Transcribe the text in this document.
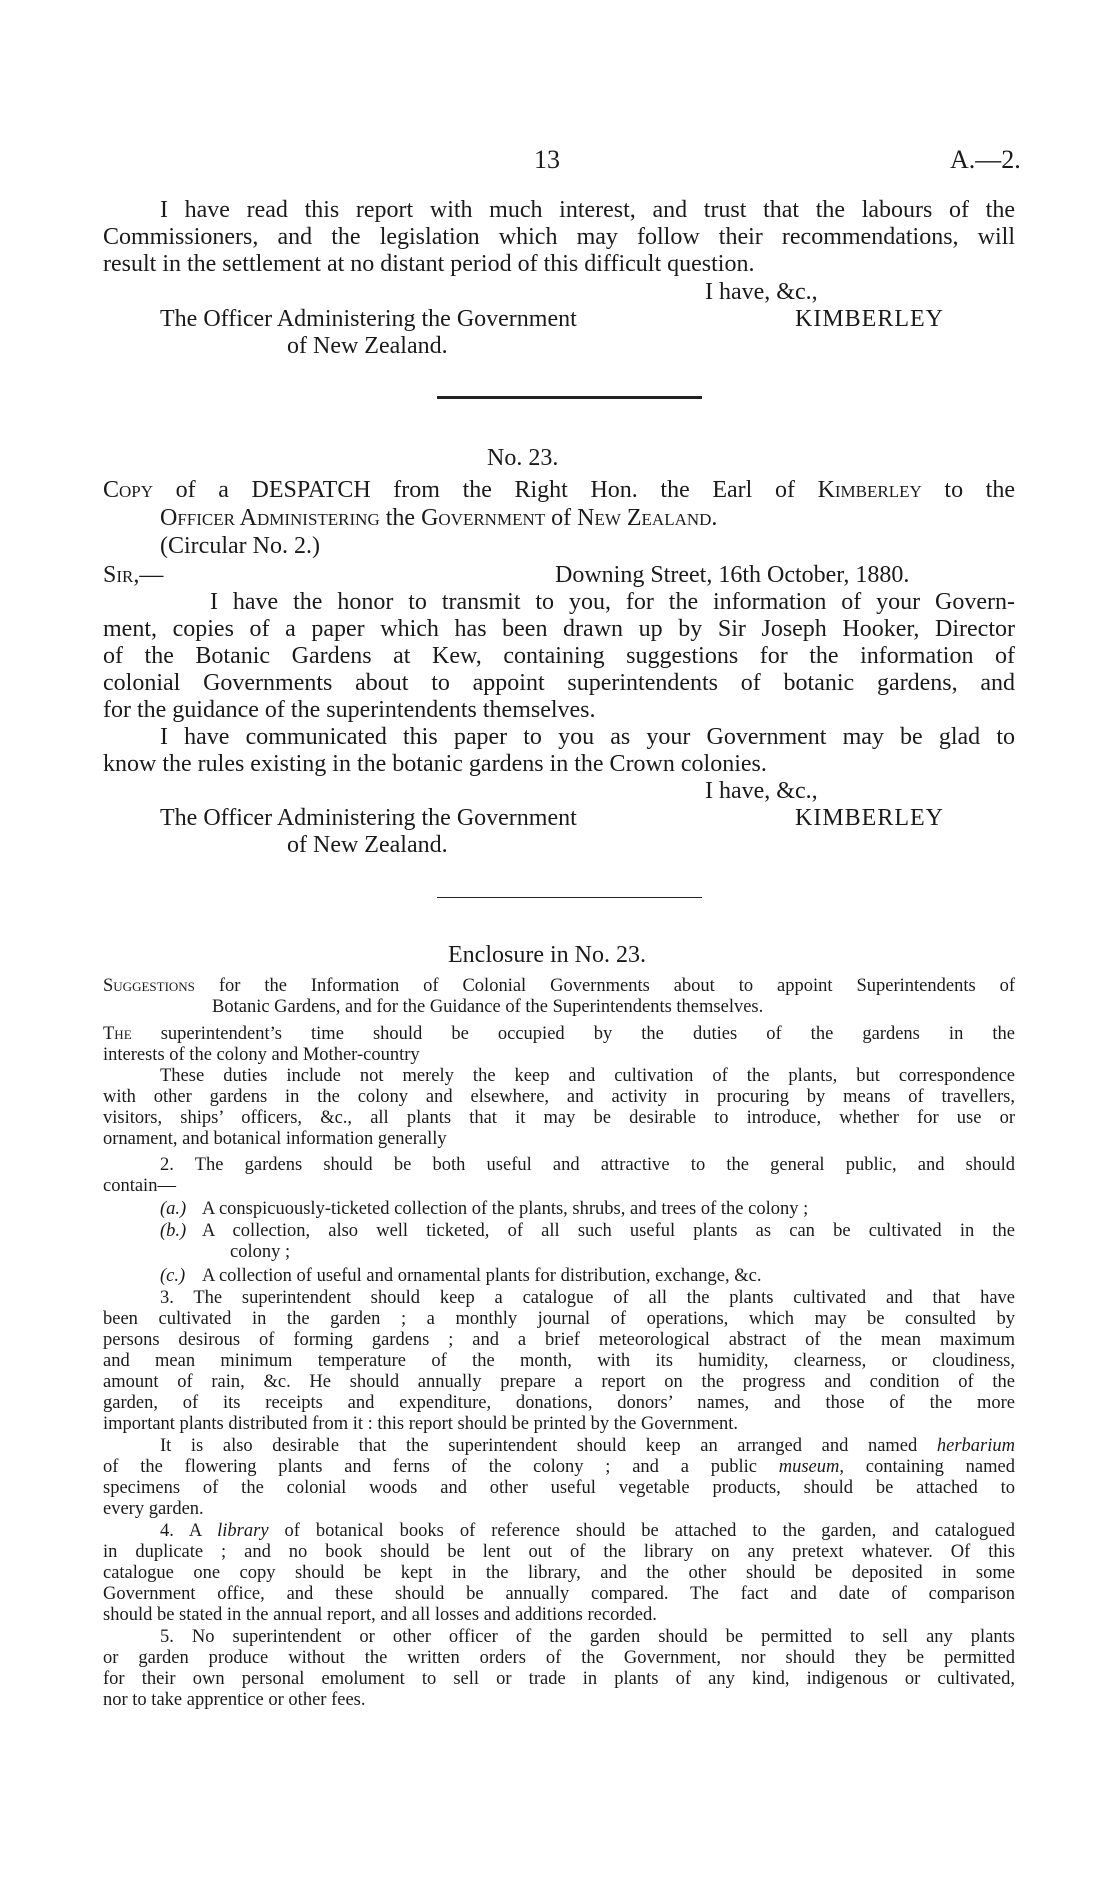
13	A.—2.
I have read this report with much interest, and trust that the labours of the
Commissioners, and the legislation which may follow their recommendations, will
result in the settlement at no distant period of this difficult question.
I have, &c.,
The Officer Administering the Government	KIMBERLEY
of New Zealand.
No. 23.
Copy of a DESPATCH from the Right Hon. the Earl of Kimberley to the
Officer Administering the Government of New Zealand.
(Circular No. 2.)
Sir,—	Downing Street, 16th October, 1880.
I have the honor to transmit to you, for the information of your Govern-
ment, copies of a paper which has been drawn up by Sir Joseph Hooker, Director
of the Botanic Gardens at Kew, containing suggestions for the information of
colonial Governments about to appoint superintendents of botanic gardens, and
for the guidance of the superintendents themselves.
I have communicated this paper to you as your Government may be glad to
know the rules existing in the botanic gardens in the Crown colonies.
I have, &c.,
The Officer Administering the Government	KIMBERLEY
of New Zealand.
Enclosure in No. 23.
Suggestions for the Information of Colonial Governments about to appoint Superintendents of
Botanic Gardens, and for the Guidance of the Superintendents themselves.
The superintendent’s time should be occupied by the duties of the gardens in the
interests of the colony and Mother-country
These duties include not merely the keep and cultivation of the plants, but correspondence
with other gardens in the colony and elsewhere, and activity in procuring by means of travellers,
visitors, ships’ officers, &c., all plants that it may be desirable to introduce, whether for use or
ornament, and botanical information generally
2. The gardens should be both useful and attractive to the general public, and should
contain—
(a.) A conspicuously-ticketed collection of the plants, shrubs, and trees of the colony ;
(b.) A collection, also well ticketed, of all such useful plants as can be cultivated in the
colony ;
(c.) A collection of useful and ornamental plants for distribution, exchange, &c.
3. The superintendent should keep a catalogue of all the plants cultivated and that have
been cultivated in the garden ; a monthly journal of operations, which may be consulted by
persons desirous of forming gardens ; and a brief meteorological abstract of the mean maximum
and mean minimum temperature of the month, with its humidity, clearness, or cloudiness,
amount of rain, &c. He should annually prepare a report on the progress and condition of the
garden, of its receipts and expenditure, donations, donors’ names, and those of the more
important plants distributed from it : this report should be printed by the Government.
It is also desirable that the superintendent should keep an arranged and named herbarium
of the flowering plants and ferns of the colony ; and a public museum, containing named
specimens of the colonial woods and other useful vegetable products, should be attached to
every garden.
4. A library of botanical books of reference should be attached to the garden, and catalogued
in duplicate ; and no book should be lent out of the library on any pretext whatever. Of this
catalogue one copy should be kept in the library, and the other should be deposited in some
Government office, and these should be annually compared. The fact and date of comparison
should be stated in the annual report, and all losses and additions recorded.
5. No superintendent or other officer of the garden should be permitted to sell any plants
or garden produce without the written orders of the Government, nor should they be permitted
for their own personal emolument to sell or trade in plants of any kind, indigenous or cultivated,
nor to take apprentice or other fees.
